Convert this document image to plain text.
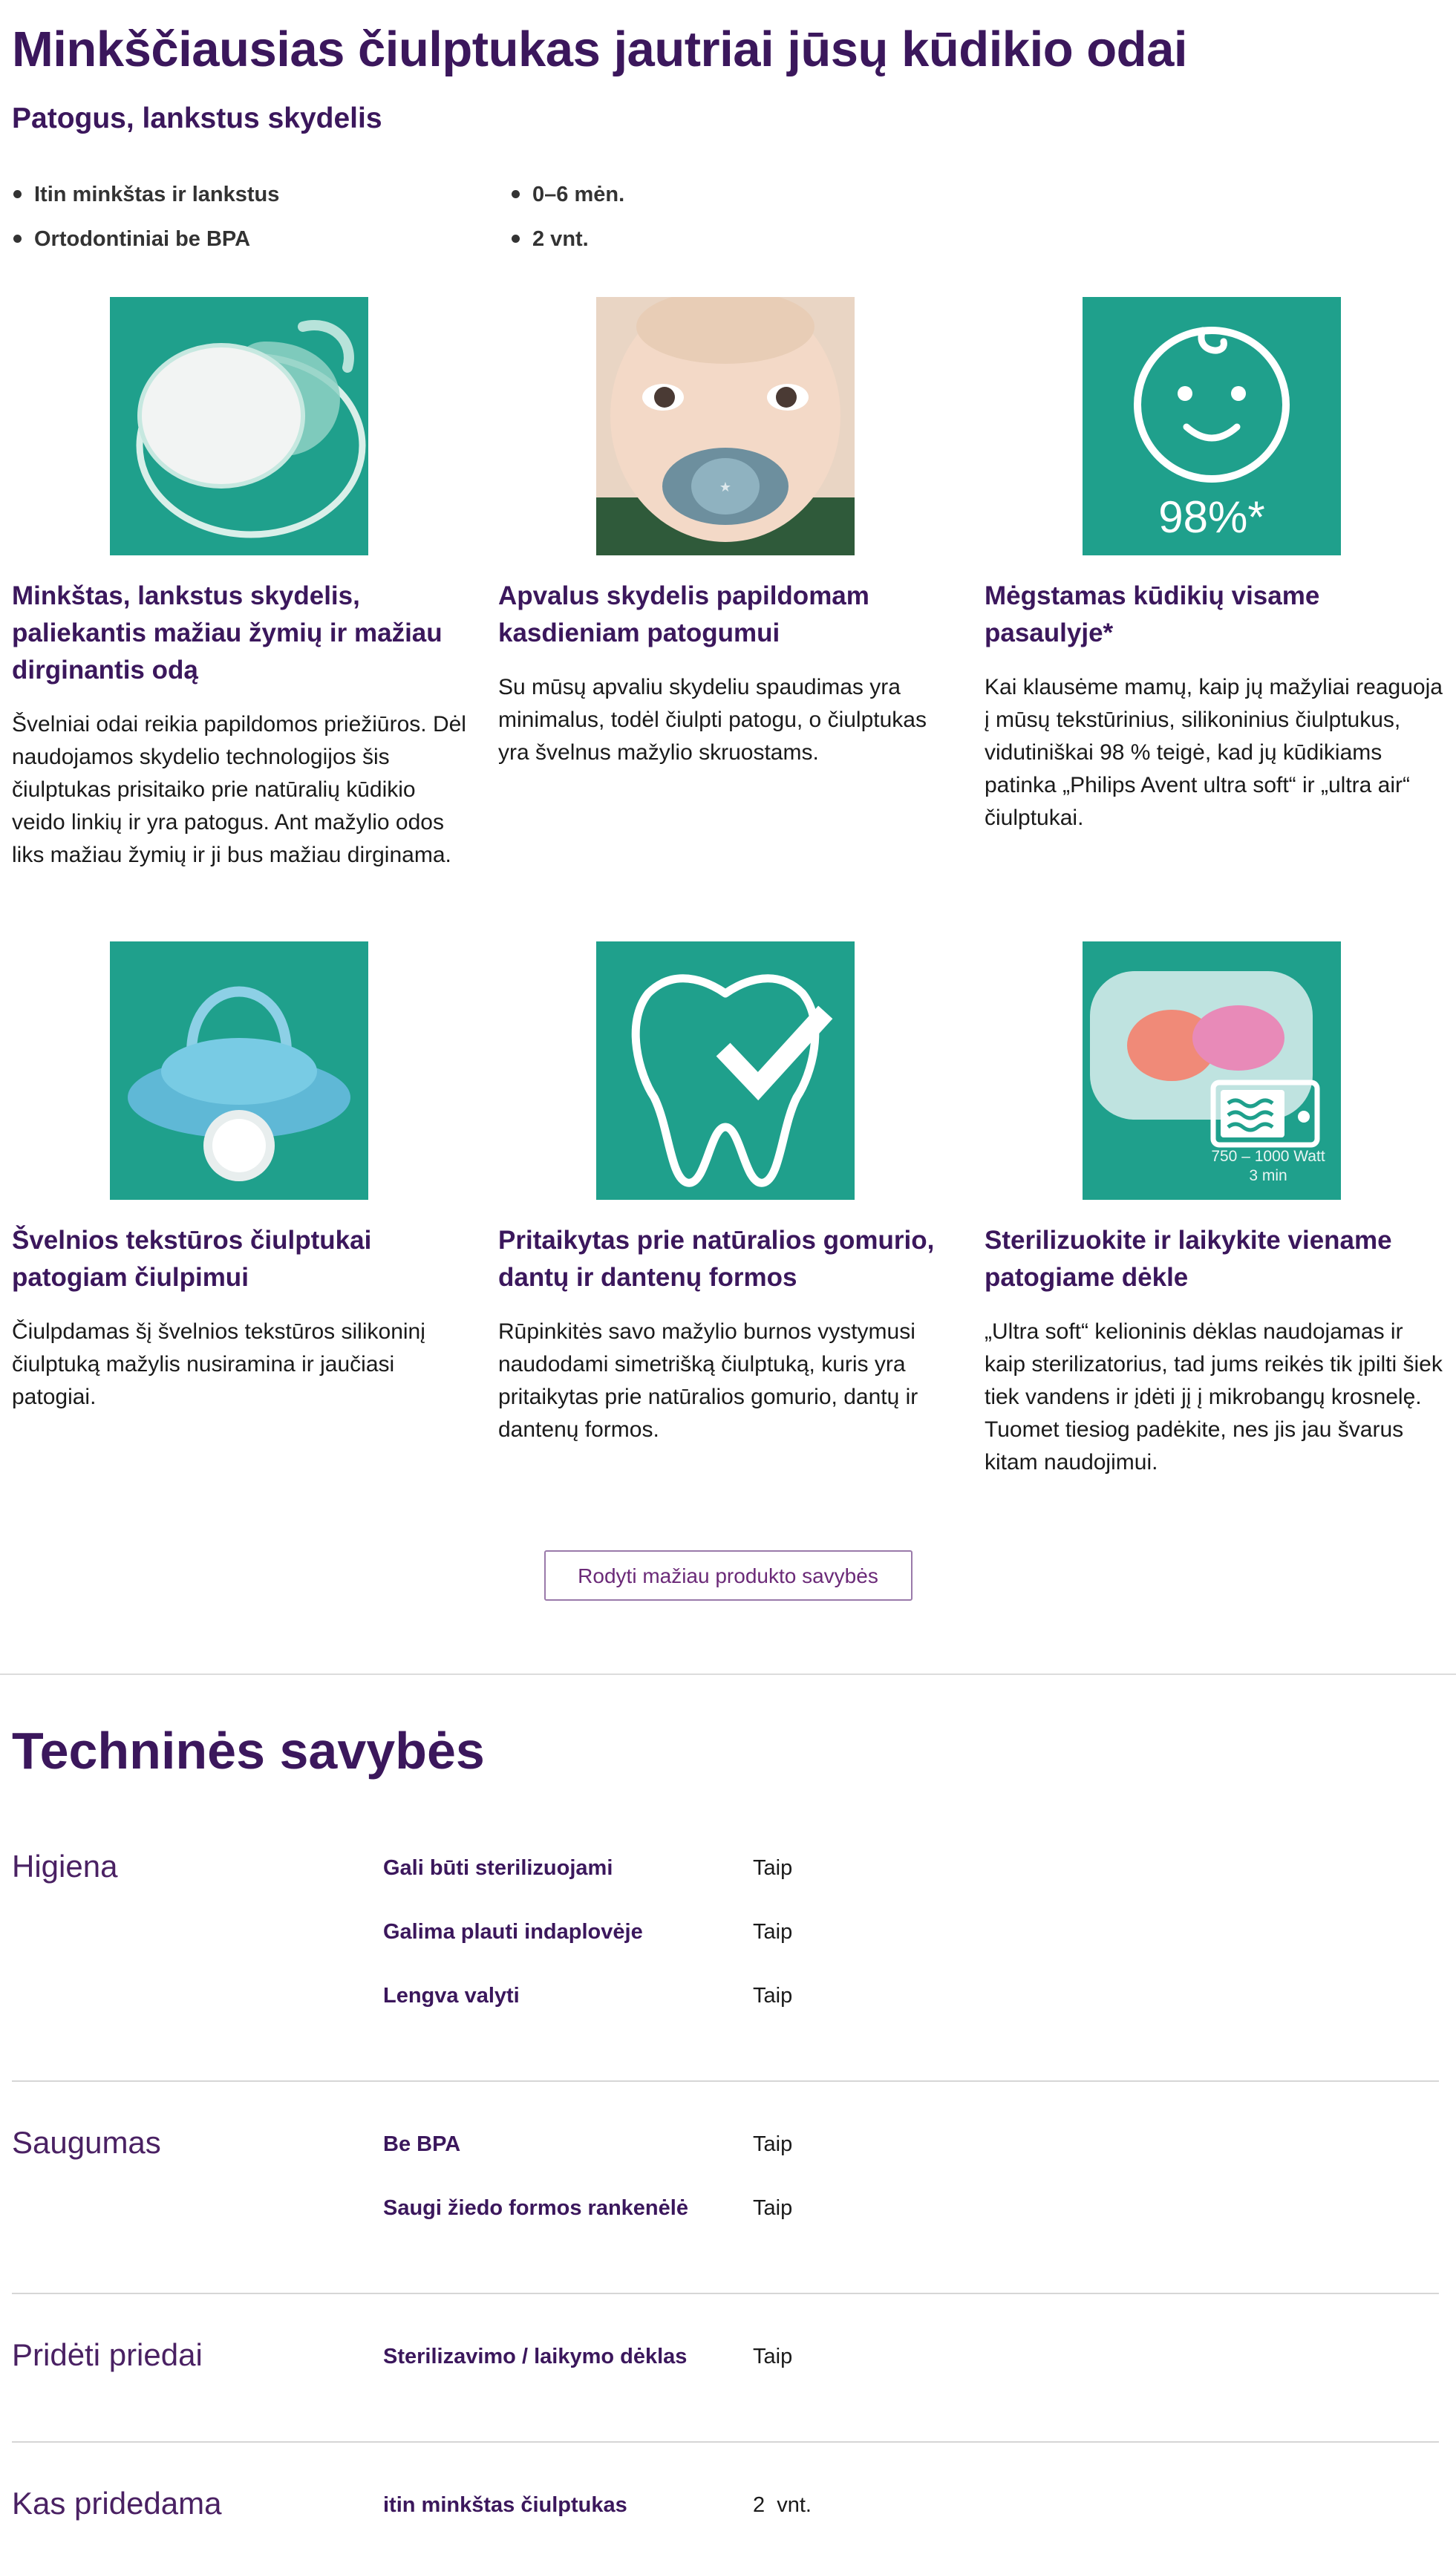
Minkščiausias čiulptukas jautriai jūsų kūdikio odai
Patogus, lankstus skydelis
Itin minkštas ir lankstus
Ortodontiniai be BPA
0–6 mėn.
2 vnt.
Minkštas, lankstus skydelis, paliekantis mažiau žymių ir mažiau dirginantis odą

Švelniai odai reikia papildomos priežiūros. Dėl naudojamos skydelio technologijos šis čiulptukas prisitaiko prie natūralių kūdikio veido linkių ir yra patogus. Ant mažylio odos liks mažiau žymių ir ji bus mažiau dirginama.

★
Apvalus skydelis papildomam kasdieniam patogumui

Su mūsų apvaliu skydeliu spaudimas yra minimalus, todėl čiulpti patogu, o čiulptukas yra švelnus mažylio skruostams.

98%*
Mėgstamas kūdikių visame pasaulyje*

Kai klausėme mamų, kaip jų mažyliai reaguoja į mūsų tekstūrinius, silikoninius čiulptukus, vidutiniškai 98 % teigė, kad jų kūdikiams patinka „Philips Avent ultra soft“ ir „ultra air“ čiulptukai.

Švelnios tekstūros čiulptukai patogiam čiulpimui

Čiulpdamas šį švelnios tekstūros silikoninį čiulptuką mažylis nusiramina ir jaučiasi patogiai.

Pritaikytas prie natūralios gomurio, dantų ir dantenų formos

Rūpinkitės savo mažylio burnos vystymusi naudodami simetrišką čiulptuką, kuris yra pritaikytas prie natūralios gomurio, dantų ir dantenų formos.

750 – 1000 Watt
3 min
Sterilizuokite ir laikykite viename patogiame dėkle

„Ultra soft“ kelioninis dėklas naudojamas ir kaip sterilizatorius, tad jums reikės tik įpilti šiek tiek vandens ir įdėti jį į mikrobangų krosnelę. Tuomet tiesiog padėkite, nes jis jau švarus kitam naudojimui.

Rodyti mažiau produkto savybės
Techninės savybės
Higiena	Gali būti sterilizuojami	Taip
Galima plauti indaplovėje	Taip
Lengva valyti	Taip
Saugumas	Be BPA	Taip
Saugi žiedo formos rankenėlė	Taip
Pridėti priedai	Sterilizavimo / laikymo dėklas	Taip
Kas pridedama	itin minkštas čiulptukas	2  vnt.
